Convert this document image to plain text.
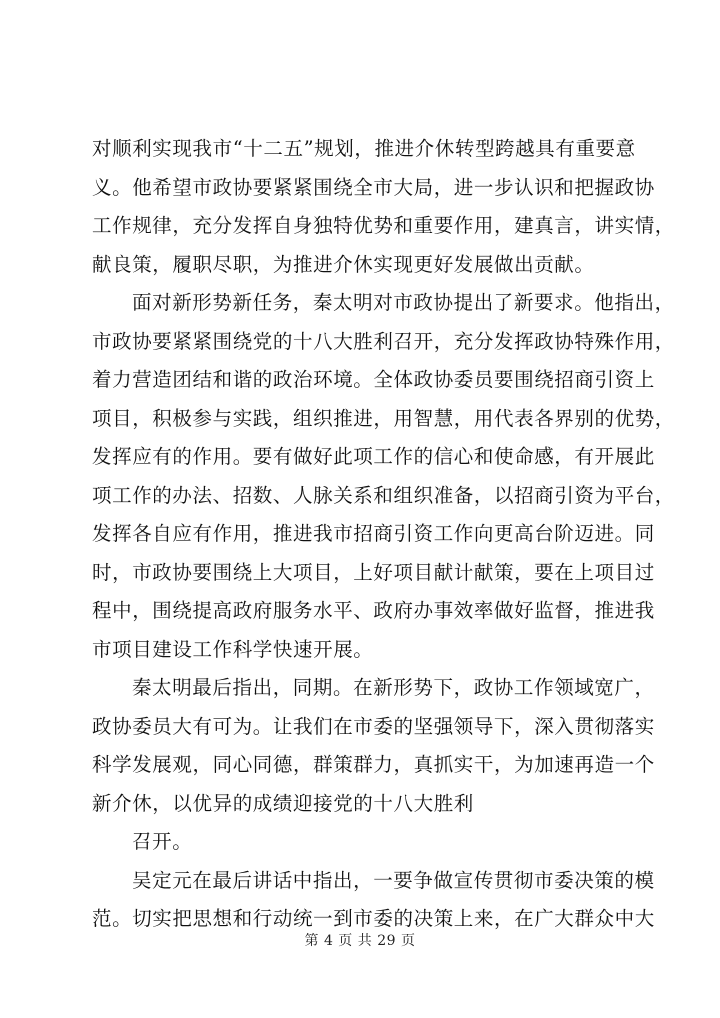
对顺利实现我市“十二五”规划，推进介休转型跨越具有重要意
义。他希望市政协要紧紧围绕全市大局，进一步认识和把握政协
工作规律，充分发挥自身独特优势和重要作用，建真言，讲实情，
献良策，履职尽职，为推进介休实现更好发展做出贡献。
面对新形势新任务，秦太明对市政协提出了新要求。他指出，
市政协要紧紧围绕党的十八大胜利召开，充分发挥政协特殊作用，
着力营造团结和谐的政治环境。全体政协委员要围绕招商引资上
项目，积极参与实践，组织推进，用智慧，用代表各界别的优势，
发挥应有的作用。要有做好此项工作的信心和使命感，有开展此
项工作的办法、招数、人脉关系和组织准备，以招商引资为平台，
发挥各自应有作用，推进我市招商引资工作向更高台阶迈进。同
时，市政协要围绕上大项目，上好项目献计献策，要在上项目过
程中，围绕提高政府服务水平、政府办事效率做好监督，推进我
市项目建设工作科学快速开展。
秦太明最后指出，同期。在新形势下，政协工作领域宽广，
政协委员大有可为。让我们在市委的坚强领导下，深入贯彻落实
科学发展观，同心同德，群策群力，真抓实干，为加速再造一个
新介休，以优异的成绩迎接党的十八大胜利
召开。
吴定元在最后讲话中指出，一要争做宣传贯彻市委决策的模
范。切实把思想和行动统一到市委的决策上来，在广大群众中大
第 4 页 共 29 页
